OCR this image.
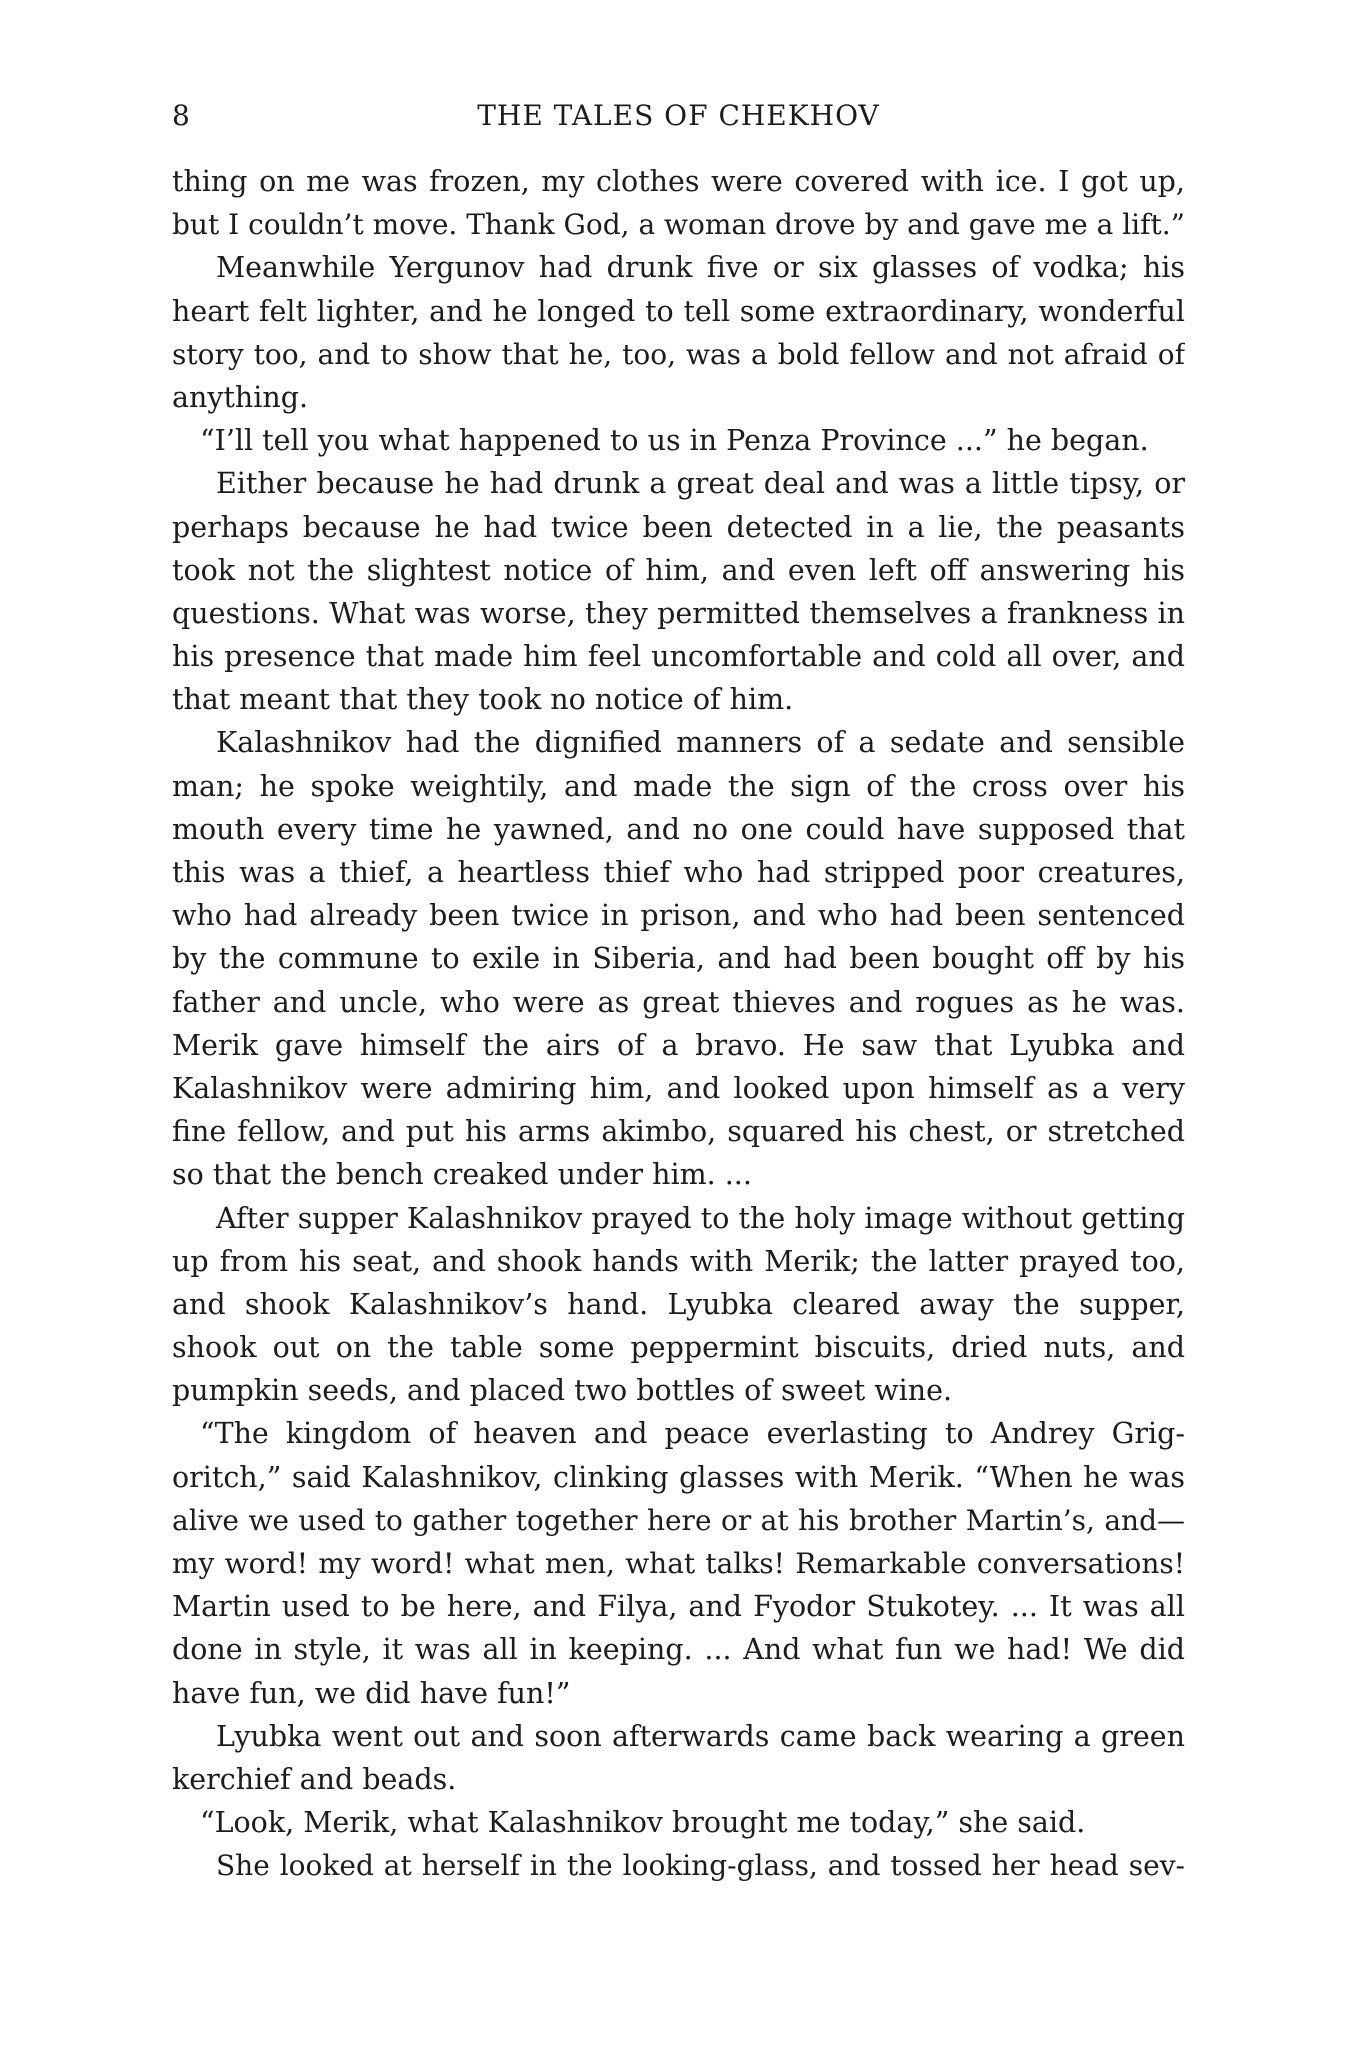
8	THE TALES OF CHEKHOV
thing on me was frozen, my clothes were covered with ice. I got up,
but I couldn’t move. Thank God, a woman drove by and gave me a lift.”
Meanwhile Yergunov had drunk five or six glasses of vodka; his
heart felt lighter, and he longed to tell some extraordinary, wonderful
story too, and to show that he, too, was a bold fellow and not afraid of
anything.
“I’ll tell you what happened to us in Penza Province ...” he began.
Either because he had drunk a great deal and was a little tipsy, or
perhaps because he had twice been detected in a lie, the peasants
took not the slightest notice of him, and even left off answering his
questions. What was worse, they permitted themselves a frankness in
his presence that made him feel uncomfortable and cold all over, and
that meant that they took no notice of him.
Kalashnikov had the dignified manners of a sedate and sensible
man; he spoke weightily, and made the sign of the cross over his
mouth every time he yawned, and no one could have supposed that
this was a thief, a heartless thief who had stripped poor creatures,
who had already been twice in prison, and who had been sentenced
by the commune to exile in Siberia, and had been bought off by his
father and uncle, who were as great thieves and rogues as he was.
Merik gave himself the airs of a bravo. He saw that Lyubka and
Kalashnikov were admiring him, and looked upon himself as a very
fine fellow, and put his arms akimbo, squared his chest, or stretched
so that the bench creaked under him. ...
After supper Kalashnikov prayed to the holy image without getting
up from his seat, and shook hands with Merik; the latter prayed too,
and shook Kalashnikov’s hand. Lyubka cleared away the supper,
shook out on the table some peppermint biscuits, dried nuts, and
pumpkin seeds, and placed two bottles of sweet wine.
“The kingdom of heaven and peace everlasting to Andrey Grig-
oritch,” said Kalashnikov, clinking glasses with Merik. “When he was
alive we used to gather together here or at his brother Martin’s, and—
my word! my word! what men, what talks! Remarkable conversations!
Martin used to be here, and Filya, and Fyodor Stukotey. ... It was all
done in style, it was all in keeping. ... And what fun we had! We did
have fun, we did have fun!”
Lyubka went out and soon afterwards came back wearing a green
kerchief and beads.
“Look, Merik, what Kalashnikov brought me today,” she said.
She looked at herself in the looking-glass, and tossed her head sev-
